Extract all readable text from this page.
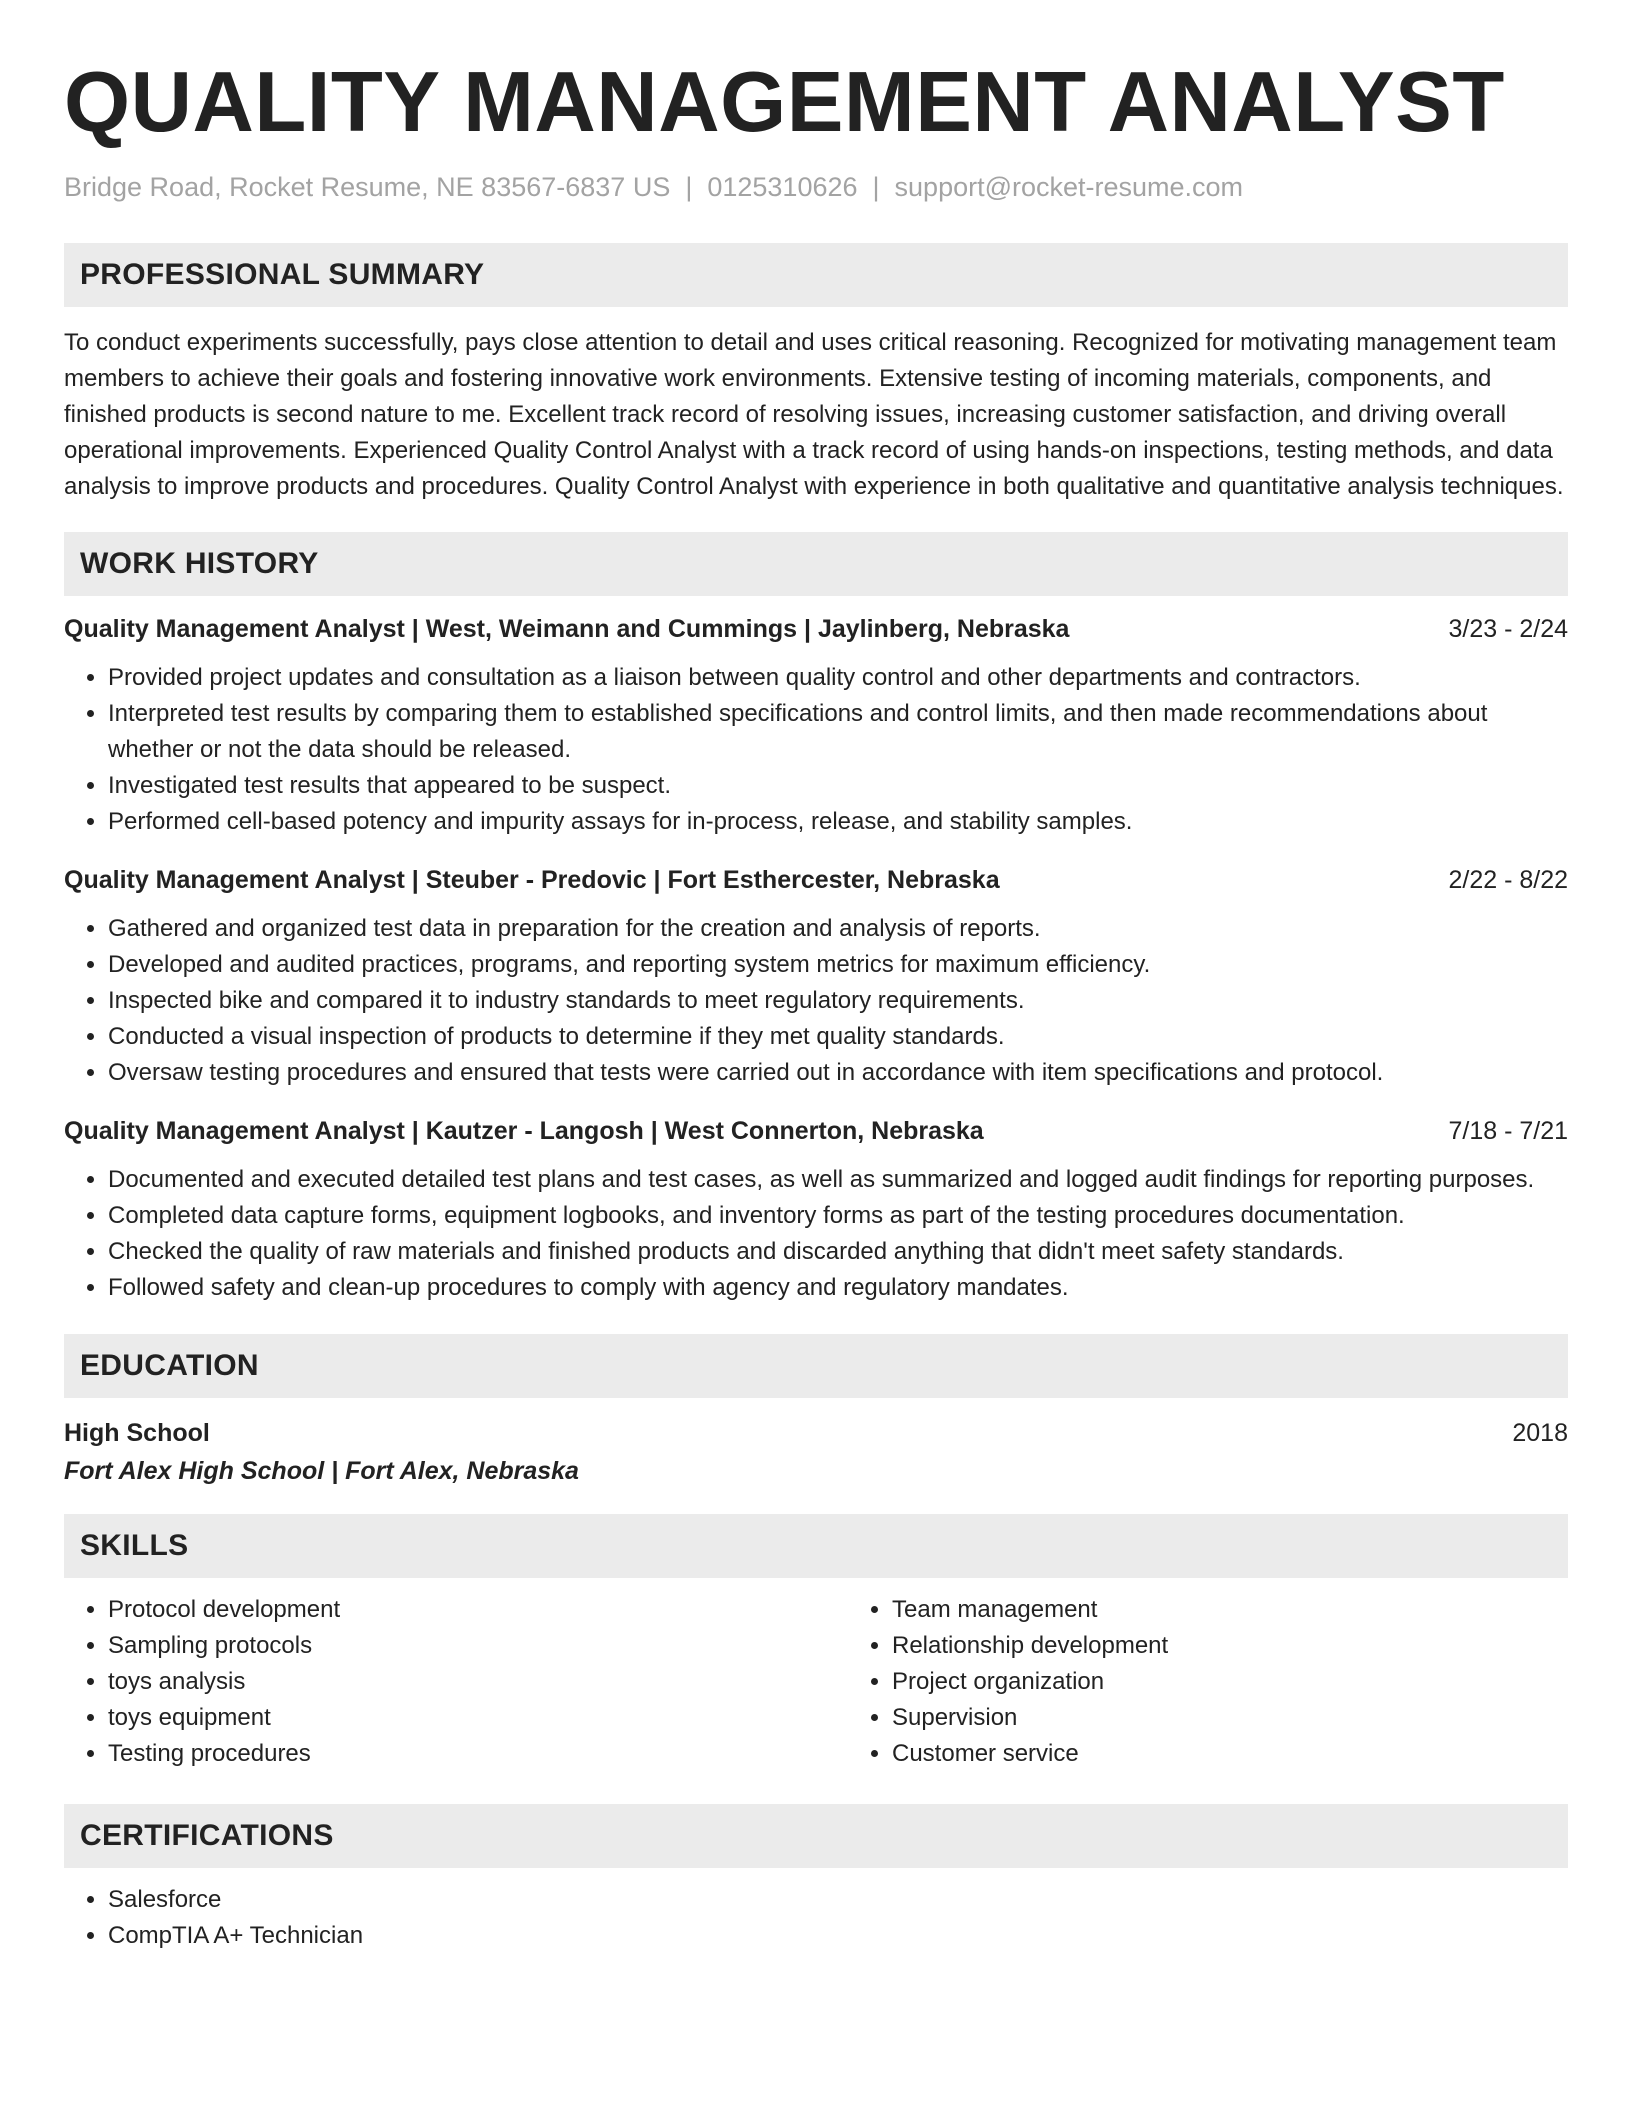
QUALITY MANAGEMENT ANALYST
Bridge Road, Rocket Resume, NE 83567-6837 US | 0125310626 | support@rocket-resume.com
PROFESSIONAL SUMMARY
To conduct experiments successfully, pays close attention to detail and uses critical reasoning. Recognized for motivating management team members to achieve their goals and fostering innovative work environments. Extensive testing of incoming materials, components, and finished products is second nature to me. Excellent track record of resolving issues, increasing customer satisfaction, and driving overall operational improvements. Experienced Quality Control Analyst with a track record of using hands-on inspections, testing methods, and data analysis to improve products and procedures. Quality Control Analyst with experience in both qualitative and quantitative analysis techniques.
WORK HISTORY
Quality Management Analyst | West, Weimann and Cummings | Jaylinberg, Nebraska	3/23 - 2/24
• Provided project updates and consultation as a liaison between quality control and other departments and contractors.
• Interpreted test results by comparing them to established specifications and control limits, and then made recommendations about whether or not the data should be released.
• Investigated test results that appeared to be suspect.
• Performed cell-based potency and impurity assays for in-process, release, and stability samples.
Quality Management Analyst | Steuber - Predovic | Fort Esthercester, Nebraska	2/22 - 8/22
• Gathered and organized test data in preparation for the creation and analysis of reports.
• Developed and audited practices, programs, and reporting system metrics for maximum efficiency.
• Inspected bike and compared it to industry standards to meet regulatory requirements.
• Conducted a visual inspection of products to determine if they met quality standards.
• Oversaw testing procedures and ensured that tests were carried out in accordance with item specifications and protocol.
Quality Management Analyst | Kautzer - Langosh | West Connerton, Nebraska	7/18 - 7/21
• Documented and executed detailed test plans and test cases, as well as summarized and logged audit findings for reporting purposes.
• Completed data capture forms, equipment logbooks, and inventory forms as part of the testing procedures documentation.
• Checked the quality of raw materials and finished products and discarded anything that didn't meet safety standards.
• Followed safety and clean-up procedures to comply with agency and regulatory mandates.
EDUCATION
High School	2018
Fort Alex High School | Fort Alex, Nebraska
SKILLS
• Protocol development
• Sampling protocols
• toys analysis
• toys equipment
• Testing procedures
• Team management
• Relationship development
• Project organization
• Supervision
• Customer service
CERTIFICATIONS
• Salesforce
• CompTIA A+ Technician
